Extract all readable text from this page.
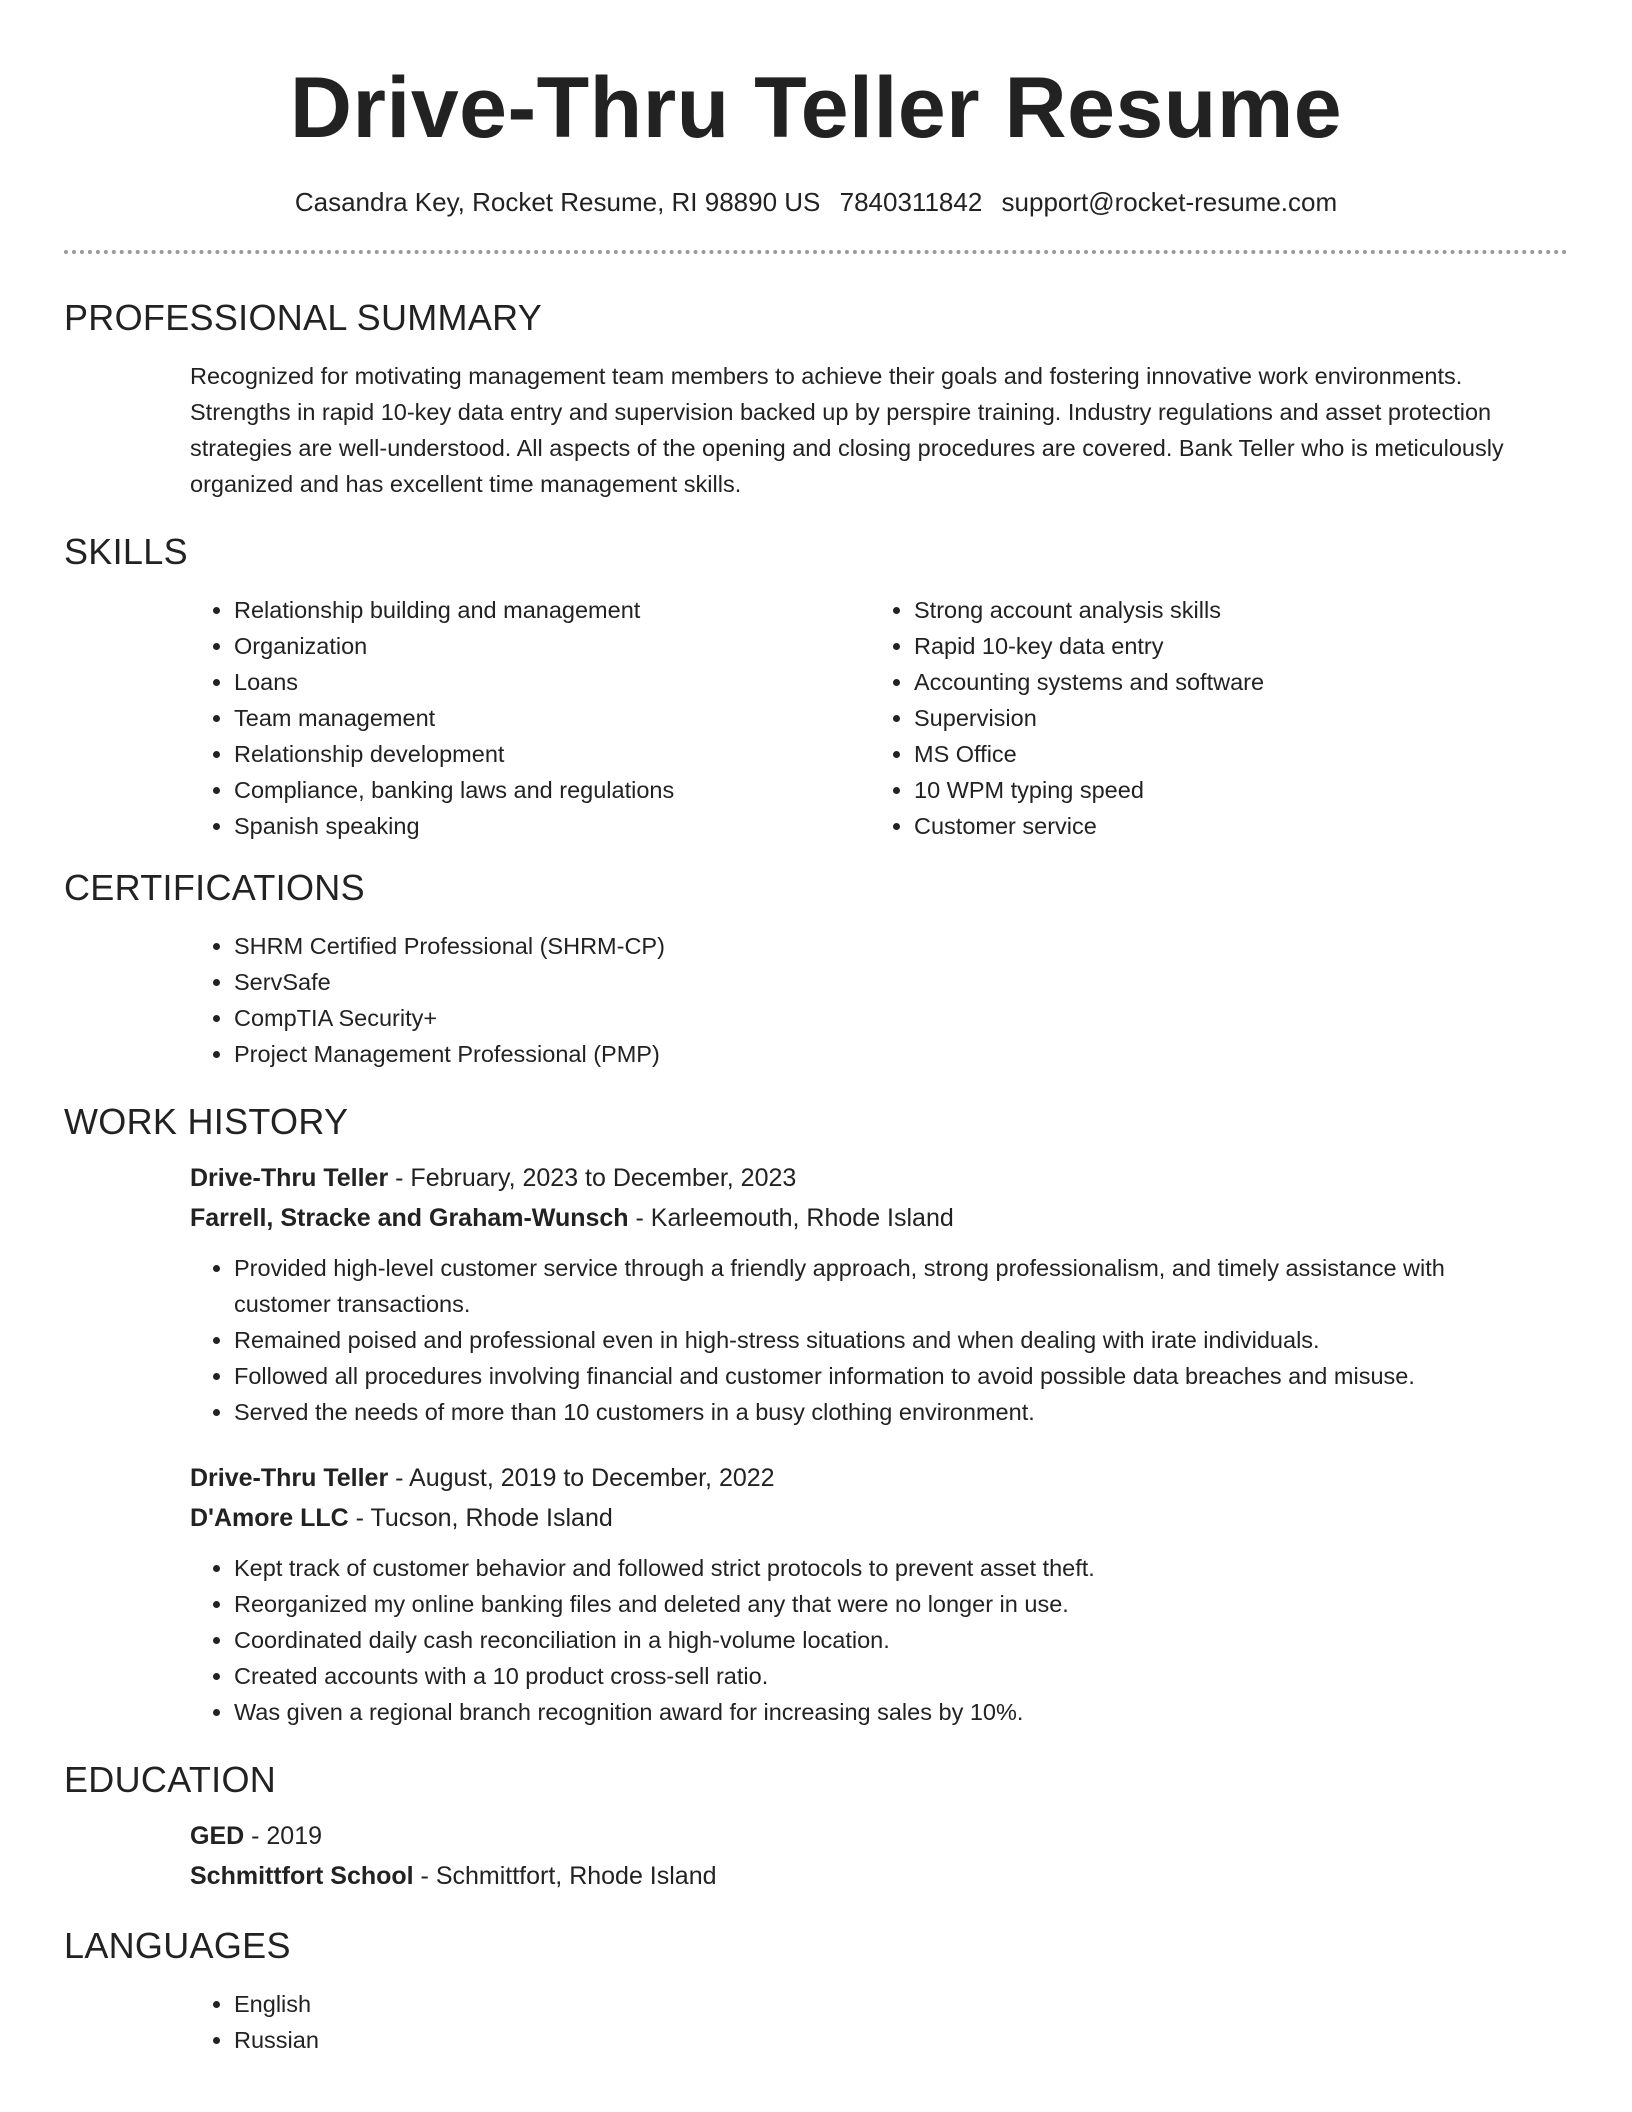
Drive-Thru Teller Resume
Casandra Key, Rocket Resume, RI 98890 US 7840311842 support@rocket-resume.com
PROFESSIONAL SUMMARY

Recognized for motivating management team members to achieve their goals and fostering innovative work environments. Strengths in rapid 10-key data entry and supervision backed up by perspire training. Industry regulations and asset protection strategies are well-understood. All aspects of the opening and closing procedures are covered. Bank Teller who is meticulously organized and has excellent time management skills.

SKILLS
• Relationship building and management
• Organization
• Loans
• Team management
• Relationship development
• Compliance, banking laws and regulations
• Spanish speaking
• Strong account analysis skills
• Rapid 10-key data entry
• Accounting systems and software
• Supervision
• MS Office
• 10 WPM typing speed
• Customer service
CERTIFICATIONS
• SHRM Certified Professional (SHRM-CP)
• ServSafe
• CompTIA Security+
• Project Management Professional (PMP)
WORK HISTORY
Drive-Thru Teller - February, 2023 to December, 2023
Farrell, Stracke and Graham-Wunsch - Karleemouth, Rhode Island
• Provided high-level customer service through a friendly approach, strong professionalism, and timely assistance with customer transactions.
• Remained poised and professional even in high-stress situations and when dealing with irate individuals.
• Followed all procedures involving financial and customer information to avoid possible data breaches and misuse.
• Served the needs of more than 10 customers in a busy clothing environment.
Drive-Thru Teller - August, 2019 to December, 2022
D'Amore LLC - Tucson, Rhode Island
• Kept track of customer behavior and followed strict protocols to prevent asset theft.
• Reorganized my online banking files and deleted any that were no longer in use.
• Coordinated daily cash reconciliation in a high-volume location.
• Created accounts with a 10 product cross-sell ratio.
• Was given a regional branch recognition award for increasing sales by 10%.
EDUCATION
GED - 2019
Schmittfort School - Schmittfort, Rhode Island
LANGUAGES
• English
• Russian
